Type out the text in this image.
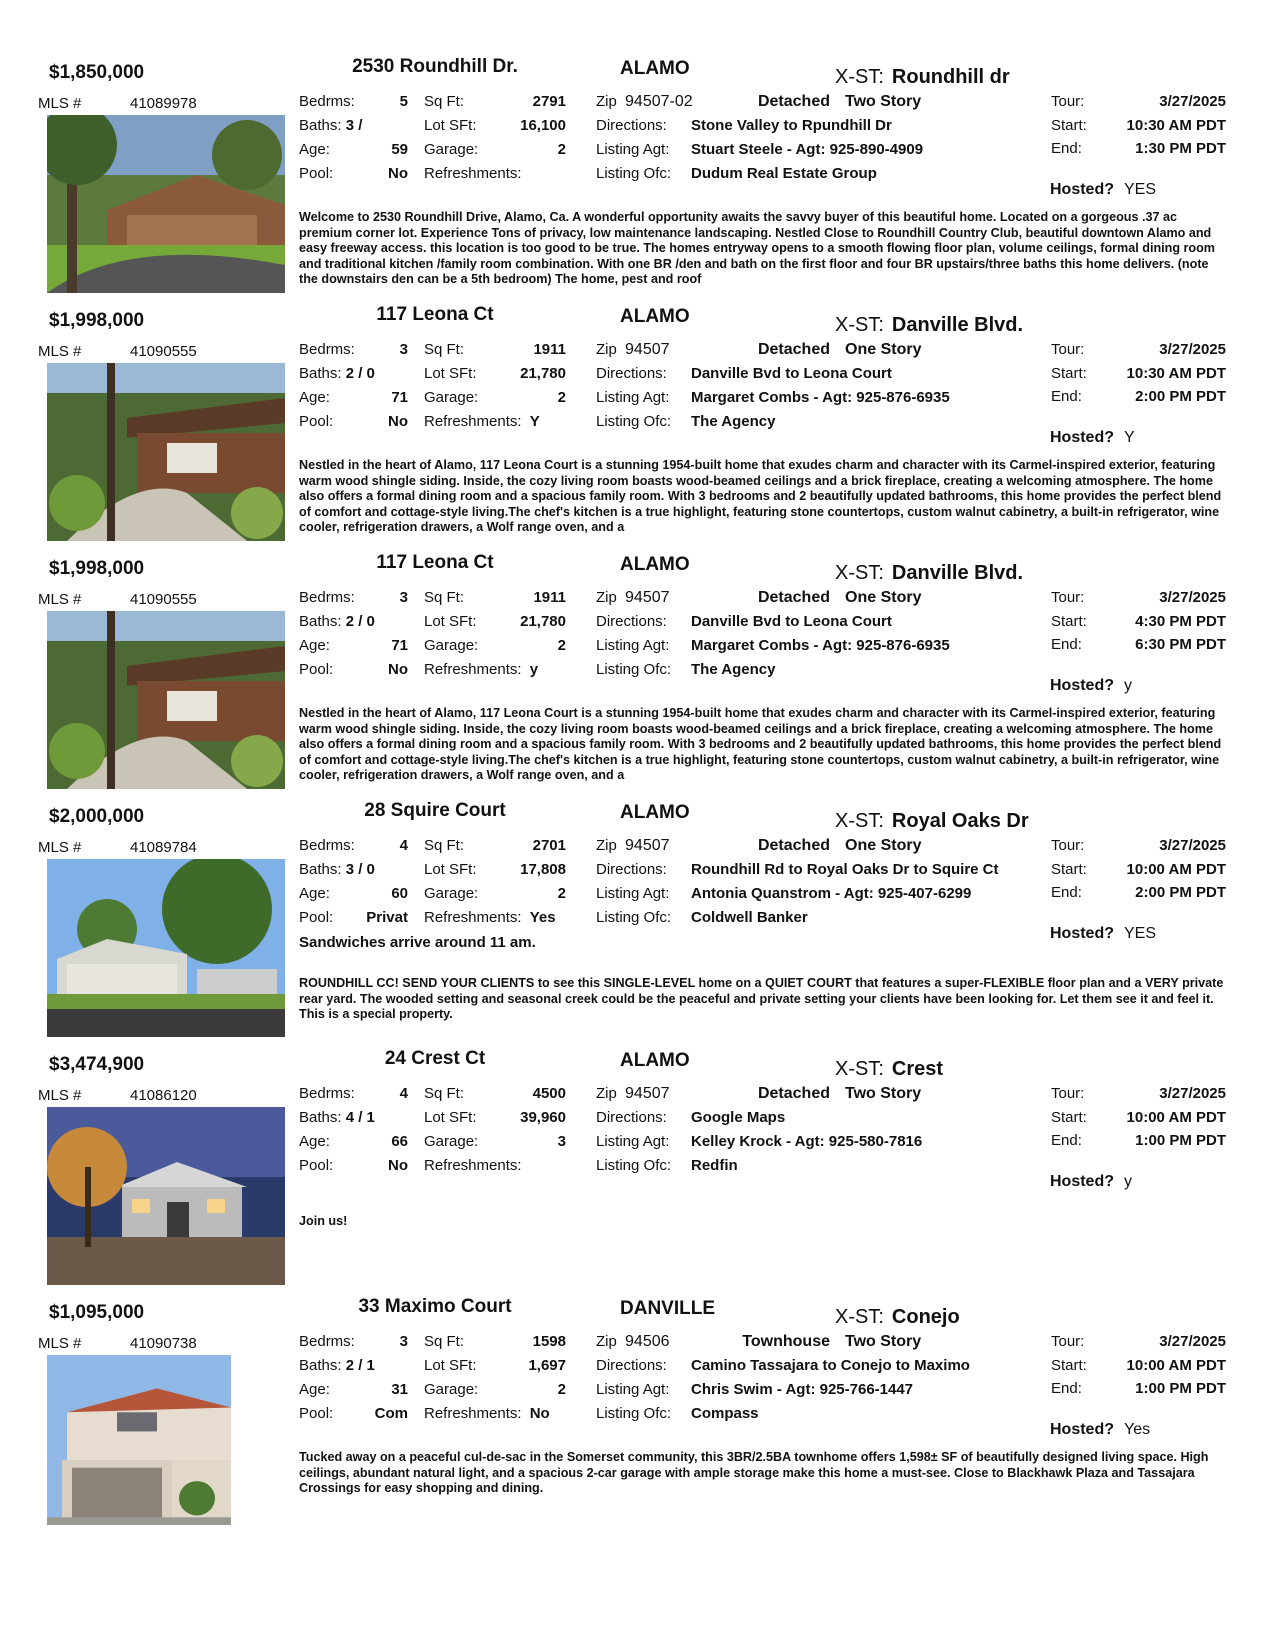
$1,850,000	2530 Roundhill Dr.	ALAMO	X-ST: Roundhill dr
MLS #	41089978	Bedrms:	5
Baths: 3 /
Age:	59
Pool:	No
Sq Ft:	2791
Lot SFt:	16,100
Garage:	2
Refreshments:
Zip 94507-02	Detached Two Story
Directions: Stone Valley to Rpundhill Dr
Listing Agt: Stuart Steele - Agt: 925-890-4909
Listing Ofc: Dudum Real Estate Group
Tour:	3/27/2025
Start:	10:30 AM PDT
End:	1:30 PM PDT
Hosted? YES
Welcome to 2530 Roundhill Drive, Alamo, Ca. A wonderful opportunity awaits the savvy buyer of this beautiful home. Located on a gorgeous .37 ac premium corner lot. Experience Tons of privacy, low maintenance landscaping. Nestled Close to Roundhill Country Club, beautiful downtown Alamo and easy freeway access. this location is too good to be true. The homes entryway opens to a smooth flowing floor plan, volume ceilings, formal dining room and traditional kitchen /family room combination. With one BR /den and bath on the first floor and four BR upstairs/three baths this home delivers. (note the downstairs den can be a 5th bedroom) The home, pest and roof
$1,998,000	117 Leona Ct	ALAMO	X-ST: Danville Blvd.
MLS #	41090555	Bedrms:	3
Baths: 2 / 0
Age:	71
Pool:	No
Sq Ft:	1911
Lot SFt:	21,780
Garage:	2
Refreshments: Y
Zip 94507	Detached One Story
Directions: Danville Bvd to Leona Court
Listing Agt: Margaret Combs - Agt: 925-876-6935
Listing Ofc: The Agency
Tour:	3/27/2025
Start:	10:30 AM PDT
End:	2:00 PM PDT
Hosted? Y
Nestled in the heart of Alamo, 117 Leona Court is a stunning 1954-built home that exudes charm and character with its Carmel-inspired exterior, featuring warm wood shingle siding. Inside, the cozy living room boasts wood-beamed ceilings and a brick fireplace, creating a welcoming atmosphere. The home also offers a formal dining room and a spacious family room. With 3 bedrooms and 2 beautifully updated bathrooms, this home provides the perfect blend of comfort and cottage-style living.The chef's kitchen is a true highlight, featuring stone countertops, custom walnut cabinetry, a built-in refrigerator, wine cooler, refrigeration drawers, a Wolf range oven, and a
$1,998,000	117 Leona Ct	ALAMO	X-ST: Danville Blvd.
MLS #	41090555	Bedrms:	3
Baths: 2 / 0
Age:	71
Pool:	No
Sq Ft:	1911
Lot SFt:	21,780
Garage:	2
Refreshments: y
Zip 94507	Detached One Story
Directions: Danville Bvd to Leona Court
Listing Agt: Margaret Combs - Agt: 925-876-6935
Listing Ofc: The Agency
Tour:	3/27/2025
Start:	4:30 PM PDT
End:	6:30 PM PDT
Hosted? y
Nestled in the heart of Alamo, 117 Leona Court is a stunning 1954-built home that exudes charm and character with its Carmel-inspired exterior, featuring warm wood shingle siding. Inside, the cozy living room boasts wood-beamed ceilings and a brick fireplace, creating a welcoming atmosphere. The home also offers a formal dining room and a spacious family room. With 3 bedrooms and 2 beautifully updated bathrooms, this home provides the perfect blend of comfort and cottage-style living.The chef's kitchen is a true highlight, featuring stone countertops, custom walnut cabinetry, a built-in refrigerator, wine cooler, refrigeration drawers, a Wolf range oven, and a
$2,000,000	28 Squire Court	ALAMO	X-ST: Royal Oaks Dr
MLS #	41089784	Bedrms:	4
Baths: 3 / 0
Age:	60
Pool:	Privat
Sq Ft:	2701
Lot SFt:	17,808
Garage:	2
Refreshments: Yes
Zip 94507	Detached One Story
Directions: Roundhill Rd to Royal Oaks Dr to Squire Ct
Listing Agt: Antonia Quanstrom - Agt: 925-407-6299
Listing Ofc: Coldwell Banker
Tour:	3/27/2025
Start:	10:00 AM PDT
End:	2:00 PM PDT
Hosted? YES
Sandwiches arrive around 11 am.
ROUNDHILL CC! SEND YOUR CLIENTS to see this SINGLE-LEVEL home on a QUIET COURT that features a super-FLEXIBLE floor plan and a VERY private rear yard. The wooded setting and seasonal creek could be the peaceful and private setting your clients have been looking for. Let them see it and feel it. This is a special property.
$3,474,900	24 Crest Ct	ALAMO	X-ST: Crest
MLS #	41086120	Bedrms:	4
Baths: 4 / 1
Age:	66
Pool:	No
Sq Ft:	4500
Lot SFt:	39,960
Garage:	3
Refreshments:
Zip 94507	Detached Two Story
Directions: Google Maps
Listing Agt: Kelley Krock - Agt: 925-580-7816
Listing Ofc: Redfin
Tour:	3/27/2025
Start:	10:00 AM PDT
End:	1:00 PM PDT
Hosted? y
Join us!
$1,095,000	33 Maximo Court	DANVILLE	X-ST: Conejo
MLS #	41090738	Bedrms:	3
Baths: 2 / 1
Age:	31
Pool:	Com
Sq Ft:	1598
Lot SFt:	1,697
Garage:	2
Refreshments: No
Zip 94506	Townhouse Two Story
Directions: Camino Tassajara to Conejo to Maximo
Listing Agt: Chris Swim - Agt: 925-766-1447
Listing Ofc: Compass
Tour:	3/27/2025
Start:	10:00 AM PDT
End:	1:00 PM PDT
Hosted? Yes
Tucked away on a peaceful cul-de-sac in the Somerset community, this 3BR/2.5BA townhome offers 1,598± SF of beautifully designed living space. High ceilings, abundant natural light, and a spacious 2-car garage with ample storage make this home a must-see. Close to Blackhawk Plaza and Tassajara Crossings for easy shopping and dining.
